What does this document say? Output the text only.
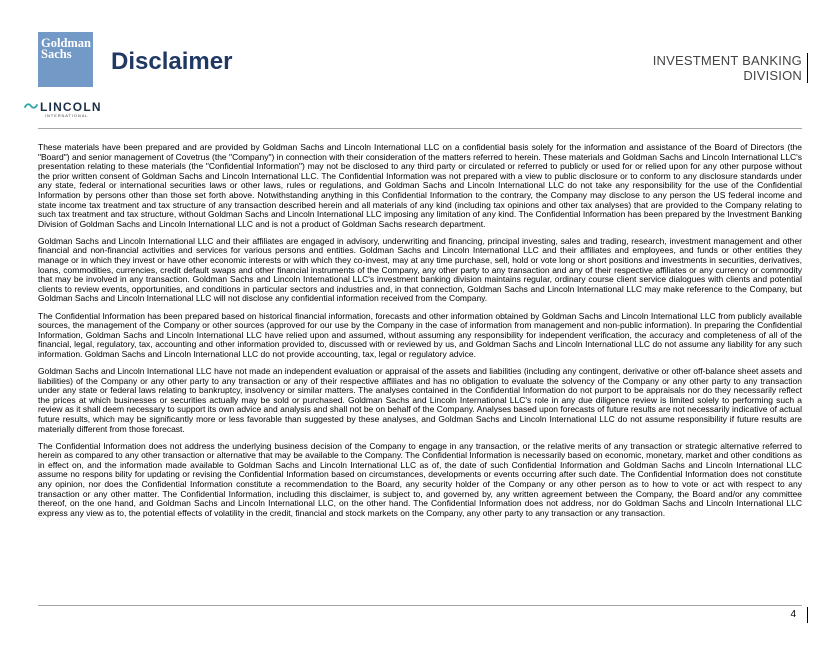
Goldman
Sachs	Disclaimer	INVESTMENT BANKING
DIVISION
LINCOLN
INTERNATIONAL

These materials have been prepared and are provided by Goldman Sachs and Lincoln International LLC on a confidential basis solely for the information and assistance of the Board of Directors (the "Board") and senior management of Covetrus (the "Company") in connection with their consideration of the matters referred to herein. These materials and Goldman Sachs and Lincoln International LLC's presentation relating to these materials (the "Confidential Information") may not be disclosed to any third party or circulated or referred to publicly or used for or relied upon for any other purpose without the prior written consent of Goldman Sachs and Lincoln International LLC. The Confidential Information was not prepared with a view to public disclosure or to conform to any disclosure standards under any state, federal or international securities laws or other laws, rules or regulations, and Goldman Sachs and Lincoln International LLC do not take any responsibility for the use of the Confidential Information by persons other than those set forth above. Notwithstanding anything in this Confidential Information to the contrary, the Company may disclose to any person the US federal income and state income tax treatment and tax structure of any transaction described herein and all materials of any kind (including tax opinions and other tax analyses) that are provided to the Company relating to such tax treatment and tax structure, without Goldman Sachs and Lincoln International LLC imposing any limitation of any kind. The Confidential Information has been prepared by the Investment Banking Division of Goldman Sachs and Lincoln International LLC and is not a product of Goldman Sachs research department.

Goldman Sachs and Lincoln International LLC and their affiliates are engaged in advisory, underwriting and financing, principal investing, sales and trading, research, investment management and other financial and non-financial activities and services for various persons and entities. Goldman Sachs and Lincoln International LLC and their affiliates and employees, and funds or other entities they manage or in which they invest or have other economic interests or with which they co-invest, may at any time purchase, sell, hold or vote long or short positions and investments in securities, derivatives, loans, commodities, currencies, credit default swaps and other financial instruments of the Company, any other party to any transaction and any of their respective affiliates or any currency or commodity that may be involved in any transaction. Goldman Sachs and Lincoln International LLC's investment banking division maintains regular, ordinary course client service dialogues with clients and potential clients to review events, opportunities, and conditions in particular sectors and industries and, in that connection, Goldman Sachs and Lincoln International LLC may make reference to the Company, but Goldman Sachs and Lincoln International LLC will not disclose any confidential information received from the Company.

The Confidential Information has been prepared based on historical financial information, forecasts and other information obtained by Goldman Sachs and Lincoln International LLC from publicly available sources, the management of the Company or other sources (approved for our use by the Company in the case of information from management and non-public information). In preparing the Confidential Information, Goldman Sachs and Lincoln International LLC have relied upon and assumed, without assuming any responsibility for independent verification, the accuracy and completeness of all of the financial, legal, regulatory, tax, accounting and other information provided to, discussed with or reviewed by us, and Goldman Sachs and Lincoln International LLC do not assume any liability for any such information. Goldman Sachs and Lincoln International LLC do not provide accounting, tax, legal or regulatory advice.

Goldman Sachs and Lincoln International LLC have not made an independent evaluation or appraisal of the assets and liabilities (including any contingent, derivative or other off-balance sheet assets and liabilities) of the Company or any other party to any transaction or any of their respective affiliates and has no obligation to evaluate the solvency of the Company or any other party to any transaction under any state or federal laws relating to bankruptcy, insolvency or similar matters. The analyses contained in the Confidential Information do not purport to be appraisals nor do they necessarily reflect the prices at which businesses or securities actually may be sold or purchased. Goldman Sachs and Lincoln International LLC's role in any due diligence review is limited solely to performing such a review as it shall deem necessary to support its own advice and analysis and shall not be on behalf of the Company. Analyses based upon forecasts of future results are not necessarily indicative of actual future results, which may be significantly more or less favorable than suggested by these analyses, and Goldman Sachs and Lincoln International LLC do not assume responsibility if future results are materially different from those forecast.

The Confidential Information does not address the underlying business decision of the Company to engage in any transaction, or the relative merits of any transaction or strategic alternative referred to herein as compared to any other transaction or alternative that may be available to the Company. The Confidential Information is necessarily based on economic, monetary, market and other conditions as in effect on, and the information made available to Goldman Sachs and Lincoln International LLC as of, the date of such Confidential Information and Goldman Sachs and Lincoln International LLC assume no respons bility for updating or revising the Confidential Information based on circumstances, developments or events occurring after such date. The Confidential Information does not constitute any opinion, nor does the Confidential Information constitute a recommendation to the Board, any security holder of the Company or any other person as to how to vote or act with respect to any transaction or any other matter. The Confidential Information, including this disclaimer, is subject to, and governed by, any written agreement between the Company, the Board and/or any committee thereof, on the one hand, and Goldman Sachs and Lincoln International LLC, on the other hand. The Confidential Information does not address, nor do Goldman Sachs and Lincoln International LLC express any view as to, the potential effects of volatility in the credit, financial and stock markets on the Company, any other party to any transaction or any transaction.

4
